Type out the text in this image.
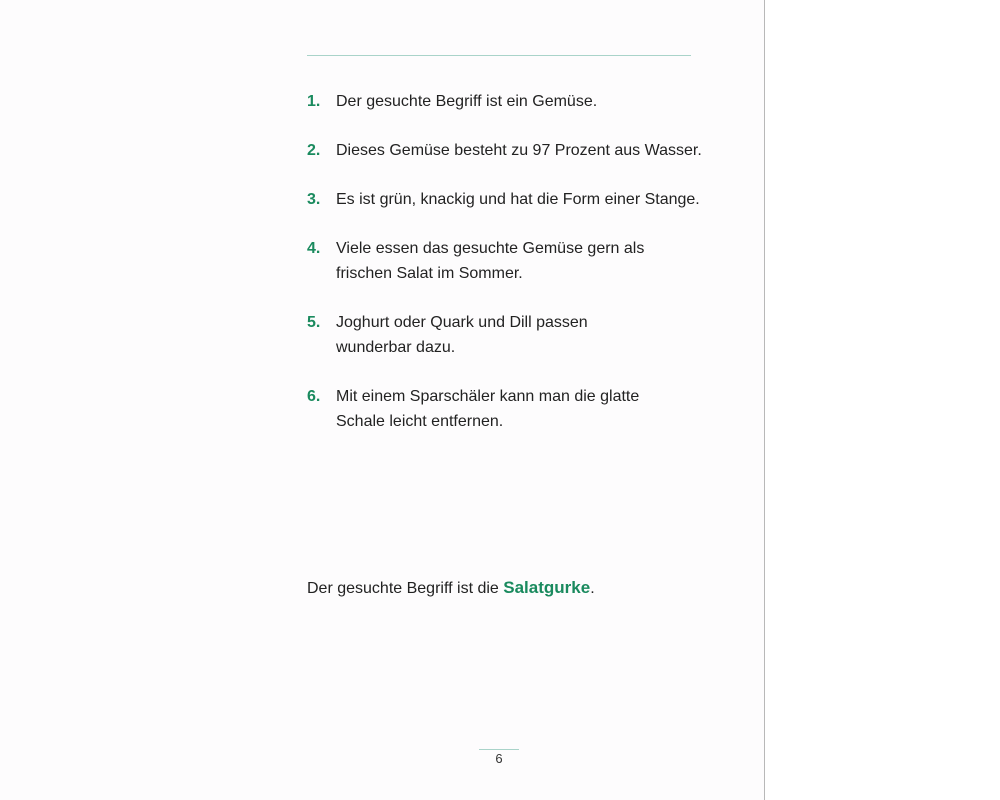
1. Der gesuchte Begriff ist ein Gemüse.
2. Dieses Gemüse besteht zu 97 Prozent aus Wasser.
3. Es ist grün, knackig und hat die Form einer Stange.
4. Viele essen das gesuchte Gemüse gern als frischen Salat im Sommer.
5. Joghurt oder Quark und Dill passen wunderbar dazu.
6. Mit einem Sparschäler kann man die glatte Schale leicht entfernen.
Der gesuchte Begriff ist die Salatgurke.
6
